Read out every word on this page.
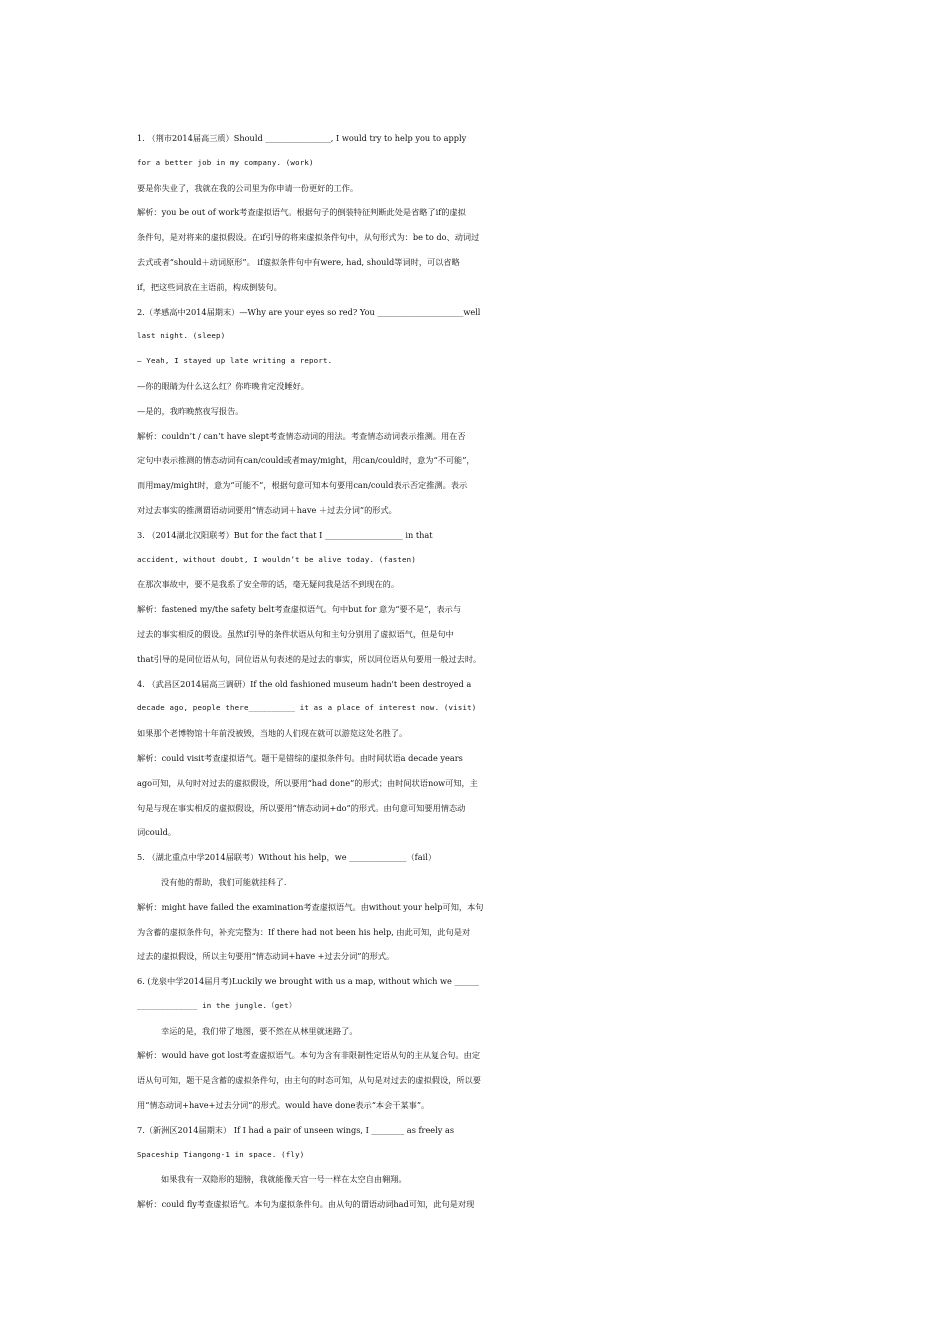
1. （荆市2014届高三质）Should ________________, I would try to help you to apply
for a better job in my company. (work)
要是你失业了，我就在我的公司里为你申请一份更好的工作。
解析：you be out of work考查虚拟语气。根据句子的倒装特征判断此处是省略了if的虚拟
条件句，是对将来的虚拟假设。在if引导的将来虚拟条件句中，从句形式为：be to do、动词过
去式或者“should＋动词原形”。 if虚拟条件句中有were, had, should等词时，可以省略
if，把这些词放在主语前，构成倒装句。
2.（孝感高中2014届期末）—Why are your eyes so red? You _____________________well
last night. (sleep)
— Yeah, I stayed up late writing a report.
—你的眼睛为什么这么红？你昨晚肯定没睡好。
—是的，我昨晚熬夜写报告。
解析：couldn’t / can’t have slept考查情态动词的用法。考查情态动词表示推测。用在否
定句中表示推测的情态动词有can/could或者may/might，用can/could时，意为“不可能”，
而用may/might时，意为“可能不”，根据句意可知本句要用can/could表示否定推测。表示
对过去事实的推测谓语动词要用“情态动词＋have ＋过去分词”的形式。
3. （2014湖北汉阳联考）But for the fact that I ___________________ in that
accident, without doubt, I wouldn’t be alive today. (fasten)
在那次事故中，要不是我系了安全带的话，毫无疑问我是活不到现在的。
解析：fastened my/the safety belt考查虚拟语气。句中but for 意为“要不是”，表示与
过去的事实相反的假设。虽然if引导的条件状语从句和主句分别用了虚拟语气，但是句中
that引导的是同位语从句，同位语从句表述的是过去的事实，所以同位语从句要用一般过去时。
4. （武昌区2014届高三调研）If the old fashioned museum hadn't been destroyed a
decade ago, people there__________ it as a place of interest now. (visit)
如果那个老博物馆十年前没被毁，当地的人们现在就可以游览这处名胜了。
解析：could visit考查虚拟语气。题干是错综的虚拟条件句。由时间状语a decade years
ago可知，从句时对过去的虚拟假设，所以要用“had done”的形式；由时间状语now可知，主
句是与现在事实相反的虚拟假设，所以要用“情态动词+do”的形式。由句意可知要用情态动
词could。
5. （湖北重点中学2014届联考）Without his help，we ______________（fail）
没有他的帮助，我们可能就挂科了.
解析：might have failed the examination考查虚拟语气。由without your help可知，本句
为含蓄的虚拟条件句，补充完整为：If there had not been his help, 由此可知，此句是对
过去的虚拟假设，所以主句要用“情态动词+have +过去分词”的形式。
6. (龙泉中学2014届月考)Luckily we brought with us a map, without which we ______
_____________ in the jungle.（get）
幸运的是，我们带了地图，要不然在从林里就迷路了。
解析：would have got lost考查虚拟语气。本句为含有非限制性定语从句的主从复合句。由定
语从句可知，题干是含蓄的虚拟条件句，由主句的时态可知，从句是对过去的虚拟假设，所以要
用“情态动词+have+过去分词”的形式。would have done表示“本会干某事”。
7.（新洲区2014届期末） If I had a pair of unseen wings, I ________ as freely as
Spaceship Tiangong-1 in space. (fly)
如果我有一双隐形的翅膀，我就能像天宫一号一样在太空自由翱翔。
解析：could fly考查虚拟语气。本句为虚拟条件句。由从句的谓语动词had可知，此句是对现
